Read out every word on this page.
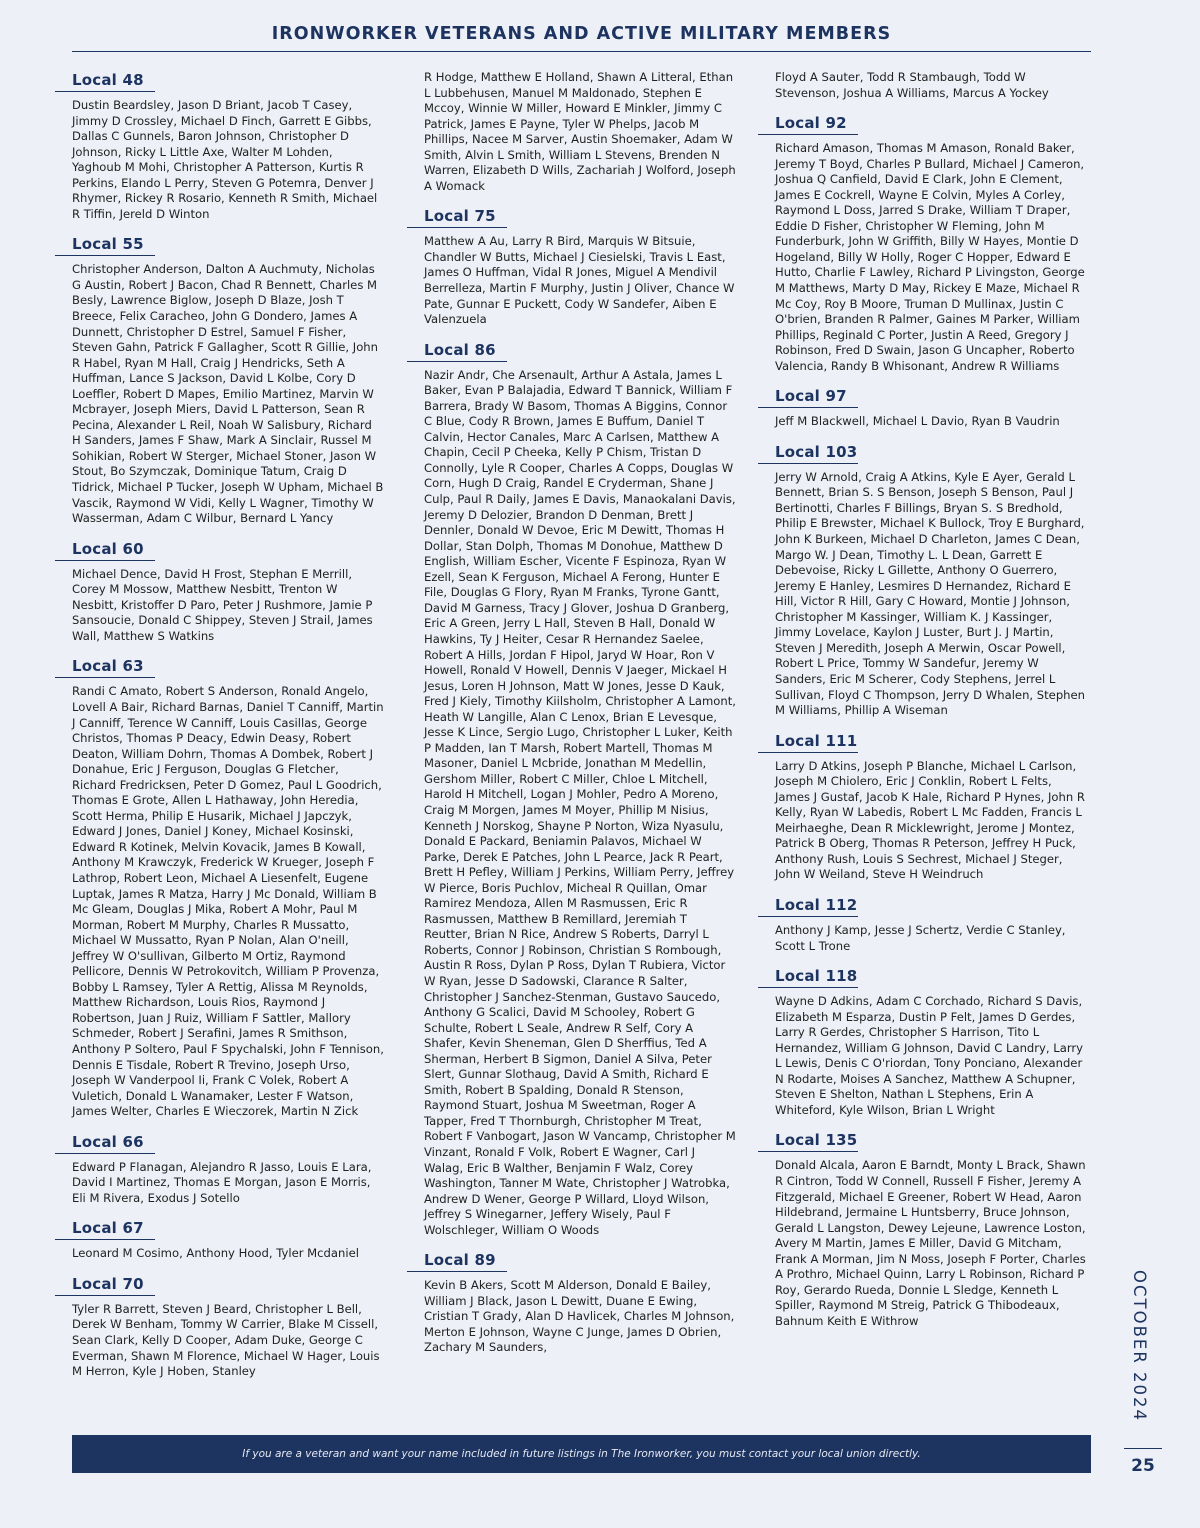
IRONWORKER VETERANS AND ACTIVE MILITARY MEMBERS
Local 48
Dustin Beardsley, Jason D Briant, Jacob T Casey, Jimmy D Crossley, Michael D Finch, Garrett E Gibbs, Dallas C Gunnels, Baron Johnson, Christopher D Johnson, Ricky L Little Axe, Walter M Lohden, Yaghoub M Mohi, Christopher A Patterson, Kurtis R Perkins, Elando L Perry, Steven G Potemra, Denver J Rhymer, Rickey R Rosario, Kenneth R Smith, Michael R Tiffin, Jereld D Winton
Local 55
Christopher Anderson, Dalton A Auchmuty, Nicholas G Austin, Robert J Bacon, Chad R Bennett, Charles M Besly, Lawrence Biglow, Joseph D Blaze, Josh T Breece, Felix Caracheo, John G Dondero, James A Dunnett, Christopher D Estrel, Samuel F Fisher, Steven Gahn, Patrick F Gallagher, Scott R Gillie, John R Habel, Ryan M Hall, Craig J Hendricks, Seth A Huffman, Lance S Jackson, David L Kolbe, Cory D Loeffler, Robert D Mapes, Emilio Martinez, Marvin W Mcbrayer, Joseph Miers, David L Patterson, Sean R Pecina, Alexander L Reil, Noah W Salisbury, Richard H Sanders, James F Shaw, Mark A Sinclair, Russel M Sohikian, Robert W Sterger, Michael Stoner, Jason W Stout, Bo Szymczak, Dominique Tatum, Craig D Tidrick, Michael P Tucker, Joseph W Upham, Michael B Vascik, Raymond W Vidi, Kelly L Wagner, Timothy W Wasserman, Adam C Wilbur, Bernard L Yancy
Local 60
Michael Dence, David H Frost, Stephan E Merrill, Corey M Mossow, Matthew Nesbitt, Trenton W Nesbitt, Kristoffer D Paro, Peter J Rushmore, Jamie P Sansoucie, Donald C Shippey, Steven J Strail, James Wall, Matthew S Watkins
Local 63
Randi C Amato, Robert S Anderson, Ronald Angelo, Lovell A Bair, Richard Barnas, Daniel T Canniff, Martin J Canniff, Terence W Canniff, Louis Casillas, George Christos, Thomas P Deacy, Edwin Deasy, Robert Deaton, William Dohrn, Thomas A Dombek, Robert J Donahue, Eric J Ferguson, Douglas G Fletcher, Richard Fredricksen, Peter D Gomez, Paul L Goodrich, Thomas E Grote, Allen L Hathaway, John Heredia, Scott Herma, Philip E Husarik, Michael J Japczyk, Edward J Jones, Daniel J Koney, Michael Kosinski, Edward R Kotinek, Melvin Kovacik, James B Kowall, Anthony M Krawczyk, Frederick W Krueger, Joseph F Lathrop, Robert Leon, Michael A Liesenfelt, Eugene Luptak, James R Matza, Harry J Mc Donald, William B Mc Gleam, Douglas J Mika, Robert A Mohr, Paul M Morman, Robert M Murphy, Charles R Mussatto, Michael W Mussatto, Ryan P Nolan, Alan O'neill, Jeffrey W O'sullivan, Gilberto M Ortiz, Raymond Pellicore, Dennis W Petrokovitch, William P Provenza, Bobby L Ramsey, Tyler A Rettig, Alissa M Reynolds, Matthew Richardson, Louis Rios, Raymond J Robertson, Juan J Ruiz, William F Sattler, Mallory Schmeder, Robert J Serafini, James R Smithson, Anthony P Soltero, Paul F Spychalski, John F Tennison, Dennis E Tisdale, Robert R Trevino, Joseph Urso, Joseph W Vanderpool Ii, Frank C Volek, Robert A Vuletich, Donald L Wanamaker, Lester F Watson, James Welter, Charles E Wieczorek, Martin N Zick
Local 66
Edward P Flanagan, Alejandro R Jasso, Louis E Lara, David I Martinez, Thomas E Morgan, Jason E Morris, Eli M Rivera, Exodus J Sotello
Local 67
Leonard M Cosimo, Anthony Hood, Tyler Mcdaniel
Local 70
Tyler R Barrett, Steven J Beard, Christopher L Bell, Derek W Benham, Tommy W Carrier, Blake M Cissell, Sean Clark, Kelly D Cooper, Adam Duke, George C Everman, Shawn M Florence, Michael W Hager, Louis M Herron, Kyle J Hoben, Stanley
R Hodge, Matthew E Holland, Shawn A Litteral, Ethan L Lubbehusen, Manuel M Maldonado, Stephen E Mccoy, Winnie W Miller, Howard E Minkler, Jimmy C Patrick, James E Payne, Tyler W Phelps, Jacob M Phillips, Nacee M Sarver, Austin Shoemaker, Adam W Smith, Alvin L Smith, William L Stevens, Brenden N Warren, Elizabeth D Wills, Zachariah J Wolford, Joseph A Womack
Local 75
Matthew A Au, Larry R Bird, Marquis W Bitsuie, Chandler W Butts, Michael J Ciesielski, Travis L East, James O Huffman, Vidal R Jones, Miguel A Mendivil Berrelleza, Martin F Murphy, Justin J Oliver, Chance W Pate, Gunnar E Puckett, Cody W Sandefer, Aiben E Valenzuela
Local 86
Nazir Andr, Che Arsenault, Arthur A Astala, James L Baker, Evan P Balajadia, Edward T Bannick, William F Barrera, Brady W Basom, Thomas A Biggins, Connor C Blue, Cody R Brown, James E Buffum, Daniel T Calvin, Hector Canales, Marc A Carlsen, Matthew A Chapin, Cecil P Cheeka, Kelly P Chism, Tristan D Connolly, Lyle R Cooper, Charles A Copps, Douglas W Corn, Hugh D Craig, Randel E Cryderman, Shane J Culp, Paul R Daily, James E Davis, Manaokalani Davis, Jeremy D Delozier, Brandon D Denman, Brett J Dennler, Donald W Devoe, Eric M Dewitt, Thomas H Dollar, Stan Dolph, Thomas M Donohue, Matthew D English, William Escher, Vicente F Espinoza, Ryan W Ezell, Sean K Ferguson, Michael A Ferong, Hunter E File, Douglas G Flory, Ryan M Franks, Tyrone Gantt, David M Garness, Tracy J Glover, Joshua D Granberg, Eric A Green, Jerry L Hall, Steven B Hall, Donald W Hawkins, Ty J Heiter, Cesar R Hernandez Saelee, Robert A Hills, Jordan F Hipol, Jaryd W Hoar, Ron V Howell, Ronald V Howell, Dennis V Jaeger, Mickael H Jesus, Loren H Johnson, Matt W Jones, Jesse D Kauk, Fred J Kiely, Timothy Kiilsholm, Christopher A Lamont, Heath W Langille, Alan C Lenox, Brian E Levesque, Jesse K Lince, Sergio Lugo, Christopher L Luker, Keith P Madden, Ian T Marsh, Robert Martell, Thomas M Masoner, Daniel L Mcbride, Jonathan M Medellin, Gershom Miller, Robert C Miller, Chloe L Mitchell, Harold H Mitchell, Logan J Mohler, Pedro A Moreno, Craig M Morgen, James M Moyer, Phillip M Nisius, Kenneth J Norskog, Shayne P Norton, Wiza Nyasulu, Donald E Packard, Beniamin Palavos, Michael W Parke, Derek E Patches, John L Pearce, Jack R Peart, Brett H Pefley, William J Perkins, William Perry, Jeffrey W Pierce, Boris Puchlov, Micheal R Quillan, Omar Ramirez Mendoza, Allen M Rasmussen, Eric R Rasmussen, Matthew B Remillard, Jeremiah T Reutter, Brian N Rice, Andrew S Roberts, Darryl L Roberts, Connor J Robinson, Christian S Rombough, Austin R Ross, Dylan P Ross, Dylan T Rubiera, Victor W Ryan, Jesse D Sadowski, Clarance R Salter, Christopher J Sanchez-Stenman, Gustavo Saucedo, Anthony G Scalici, David M Schooley, Robert G Schulte, Robert L Seale, Andrew R Self, Cory A Shafer, Kevin Sheneman, Glen D Sherffius, Ted A Sherman, Herbert B Sigmon, Daniel A Silva, Peter Slert, Gunnar Slothaug, David A Smith, Richard E Smith, Robert B Spalding, Donald R Stenson, Raymond Stuart, Joshua M Sweetman, Roger A Tapper, Fred T Thornburgh, Christopher M Treat, Robert F Vanbogart, Jason W Vancamp, Christopher M Vinzant, Ronald F Volk, Robert E Wagner, Carl J Walag, Eric B Walther, Benjamin F Walz, Corey Washington, Tanner M Wate, Christopher J Watrobka, Andrew D Wener, George P Willard, Lloyd Wilson, Jeffrey S Winegarner, Jeffery Wisely, Paul F Wolschleger, William O Woods
Local 89
Kevin B Akers, Scott M Alderson, Donald E Bailey, William J Black, Jason L Dewitt, Duane E Ewing, Cristian T Grady, Alan D Havlicek, Charles M Johnson, Merton E Johnson, Wayne C Junge, James D Obrien, Zachary M Saunders,
Floyd A Sauter, Todd R Stambaugh, Todd W Stevenson, Joshua A Williams, Marcus A Yockey
Local 92
Richard Amason, Thomas M Amason, Ronald Baker, Jeremy T Boyd, Charles P Bullard, Michael J Cameron, Joshua Q Canfield, David E Clark, John E Clement, James E Cockrell, Wayne E Colvin, Myles A Corley, Raymond L Doss, Jarred S Drake, William T Draper, Eddie D Fisher, Christopher W Fleming, John M Funderburk, John W Griffith, Billy W Hayes, Montie D Hogeland, Billy W Holly, Roger C Hopper, Edward E Hutto, Charlie F Lawley, Richard P Livingston, George M Matthews, Marty D May, Rickey E Maze, Michael R Mc Coy, Roy B Moore, Truman D Mullinax, Justin C O'brien, Branden R Palmer, Gaines M Parker, William Phillips, Reginald C Porter, Justin A Reed, Gregory J Robinson, Fred D Swain, Jason G Uncapher, Roberto Valencia, Randy B Whisonant, Andrew R Williams
Local 97
Jeff M Blackwell, Michael L Davio, Ryan B Vaudrin
Local 103
Jerry W Arnold, Craig A Atkins, Kyle E Ayer, Gerald L Bennett, Brian S. S Benson, Joseph S Benson, Paul J Bertinotti, Charles F Billings, Bryan S. S Bredhold, Philip E Brewster, Michael K Bullock, Troy E Burghard, John K Burkeen, Michael D Charleton, James C Dean, Margo W. J Dean, Timothy L. L Dean, Garrett E Debevoise, Ricky L Gillette, Anthony O Guerrero, Jeremy E Hanley, Lesmires D Hernandez, Richard E Hill, Victor R Hill, Gary C Howard, Montie J Johnson, Christopher M Kassinger, William K. J Kassinger, Jimmy Lovelace, Kaylon J Luster, Burt J. J Martin, Steven J Meredith, Joseph A Merwin, Oscar Powell, Robert L Price, Tommy W Sandefur, Jeremy W Sanders, Eric M Scherer, Cody Stephens, Jerrel L Sullivan, Floyd C Thompson, Jerry D Whalen, Stephen M Williams, Phillip A Wiseman
Local 111
Larry D Atkins, Joseph P Blanche, Michael L Carlson, Joseph M Chiolero, Eric J Conklin, Robert L Felts, James J Gustaf, Jacob K Hale, Richard P Hynes, John R Kelly, Ryan W Labedis, Robert L Mc Fadden, Francis L Meirhaeghe, Dean R Micklewright, Jerome J Montez, Patrick B Oberg, Thomas R Peterson, Jeffrey H Puck, Anthony Rush, Louis S Sechrest, Michael J Steger, John W Weiland, Steve H Weindruch
Local 112
Anthony J Kamp, Jesse J Schertz, Verdie C Stanley, Scott L Trone
Local 118
Wayne D Adkins, Adam C Corchado, Richard S Davis, Elizabeth M Esparza, Dustin P Felt, James D Gerdes, Larry R Gerdes, Christopher S Harrison, Tito L Hernandez, William G Johnson, David C Landry, Larry L Lewis, Denis C O'riordan, Tony Ponciano, Alexander N Rodarte, Moises A Sanchez, Matthew A Schupner, Steven E Shelton, Nathan L Stephens, Erin A Whiteford, Kyle Wilson, Brian L Wright
Local 135
Donald Alcala, Aaron E Barndt, Monty L Brack, Shawn R Cintron, Todd W Connell, Russell F Fisher, Jeremy A Fitzgerald, Michael E Greener, Robert W Head, Aaron Hildebrand, Jermaine L Huntsberry, Bruce Johnson, Gerald L Langston, Dewey Lejeune, Lawrence Loston, Avery M Martin, James E Miller, David G Mitcham, Frank A Morman, Jim N Moss, Joseph F Porter, Charles A Prothro, Michael Quinn, Larry L Robinson, Richard P Roy, Gerardo Rueda, Donnie L Sledge, Kenneth L Spiller, Raymond M Streig, Patrick G Thibodeaux, Bahnum Keith E Withrow
If you are a veteran and want your name included in future listings in The Ironworker, you must contact your local union directly.
OCTOBER 2024
25
